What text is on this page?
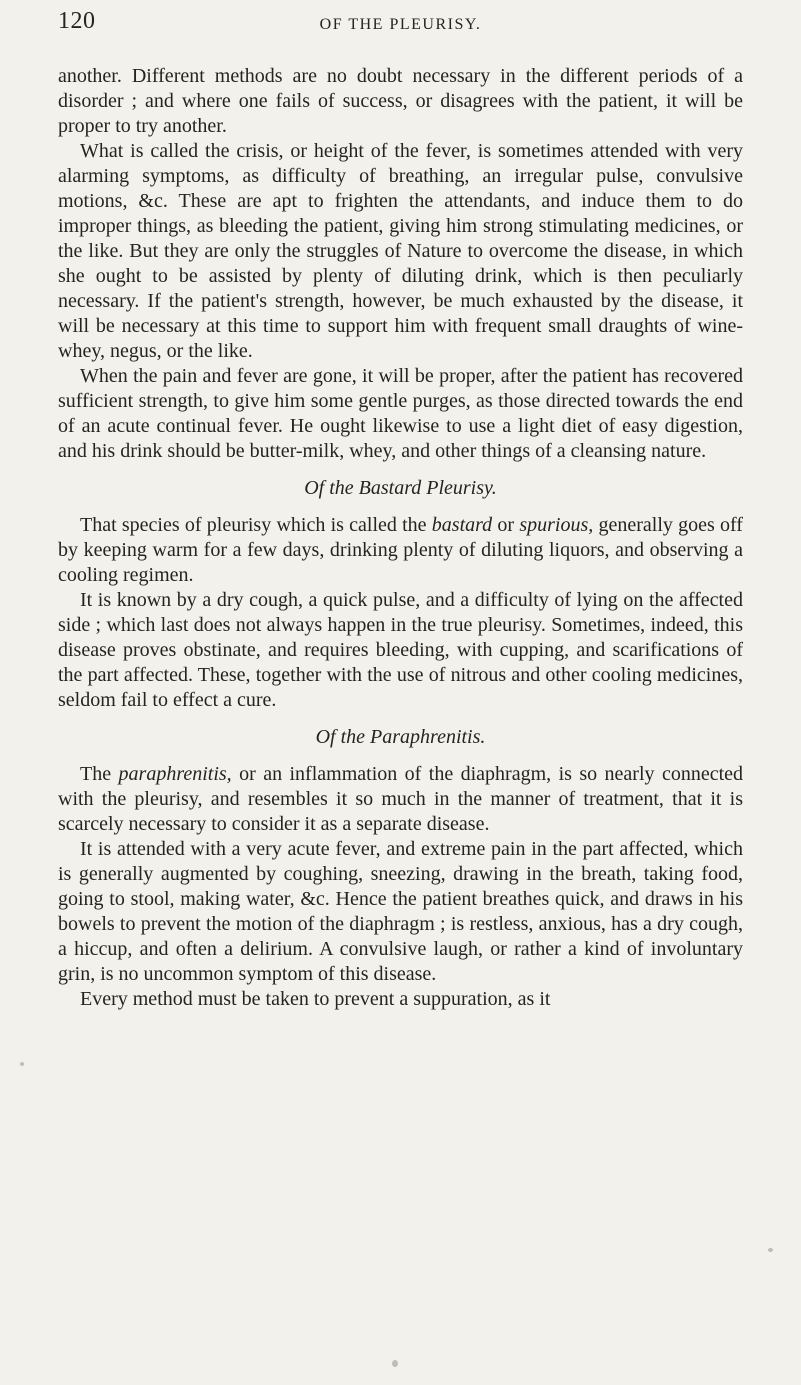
120	OF THE PLEURISY.

another. Different methods are no doubt necessary in the different periods of a disorder ; and where one fails of success, or disagrees with the patient, it will be proper to try another.

What is called the crisis, or height of the fever, is sometimes attended with very alarming symptoms, as difficulty of breathing, an irregular pulse, convulsive motions, &c. These are apt to frighten the attendants, and induce them to do improper things, as bleeding the patient, giving him strong stimulating medicines, or the like. But they are only the struggles of Nature to overcome the disease, in which she ought to be assisted by plenty of diluting drink, which is then peculiarly necessary. If the patient's strength, however, be much exhausted by the disease, it will be necessary at this time to support him with frequent small draughts of wine-whey, negus, or the like.

When the pain and fever are gone, it will be proper, after the patient has recovered sufficient strength, to give him some gentle purges, as those directed towards the end of an acute continual fever. He ought likewise to use a light diet of easy digestion, and his drink should be butter-milk, whey, and other things of a cleansing nature.

Of the Bastard Pleurisy.

That species of pleurisy which is called the bastard or spurious, generally goes off by keeping warm for a few days, drinking plenty of diluting liquors, and observing a cooling regimen.

It is known by a dry cough, a quick pulse, and a difficulty of lying on the affected side ; which last does not always happen in the true pleurisy. Sometimes, indeed, this disease proves obstinate, and requires bleeding, with cupping, and scarifications of the part affected. These, together with the use of nitrous and other cooling medicines, seldom fail to effect a cure.

Of the Paraphrenitis.

The paraphrenitis, or an inflammation of the diaphragm, is so nearly connected with the pleurisy, and resembles it so much in the manner of treatment, that it is scarcely necessary to consider it as a separate disease.

It is attended with a very acute fever, and extreme pain in the part affected, which is generally augmented by coughing, sneezing, drawing in the breath, taking food, going to stool, making water, &c. Hence the patient breathes quick, and draws in his bowels to prevent the motion of the diaphragm ; is restless, anxious, has a dry cough, a hiccup, and often a delirium. A convulsive laugh, or rather a kind of involuntary grin, is no uncommon symptom of this disease.

Every method must be taken to prevent a suppuration, as it
